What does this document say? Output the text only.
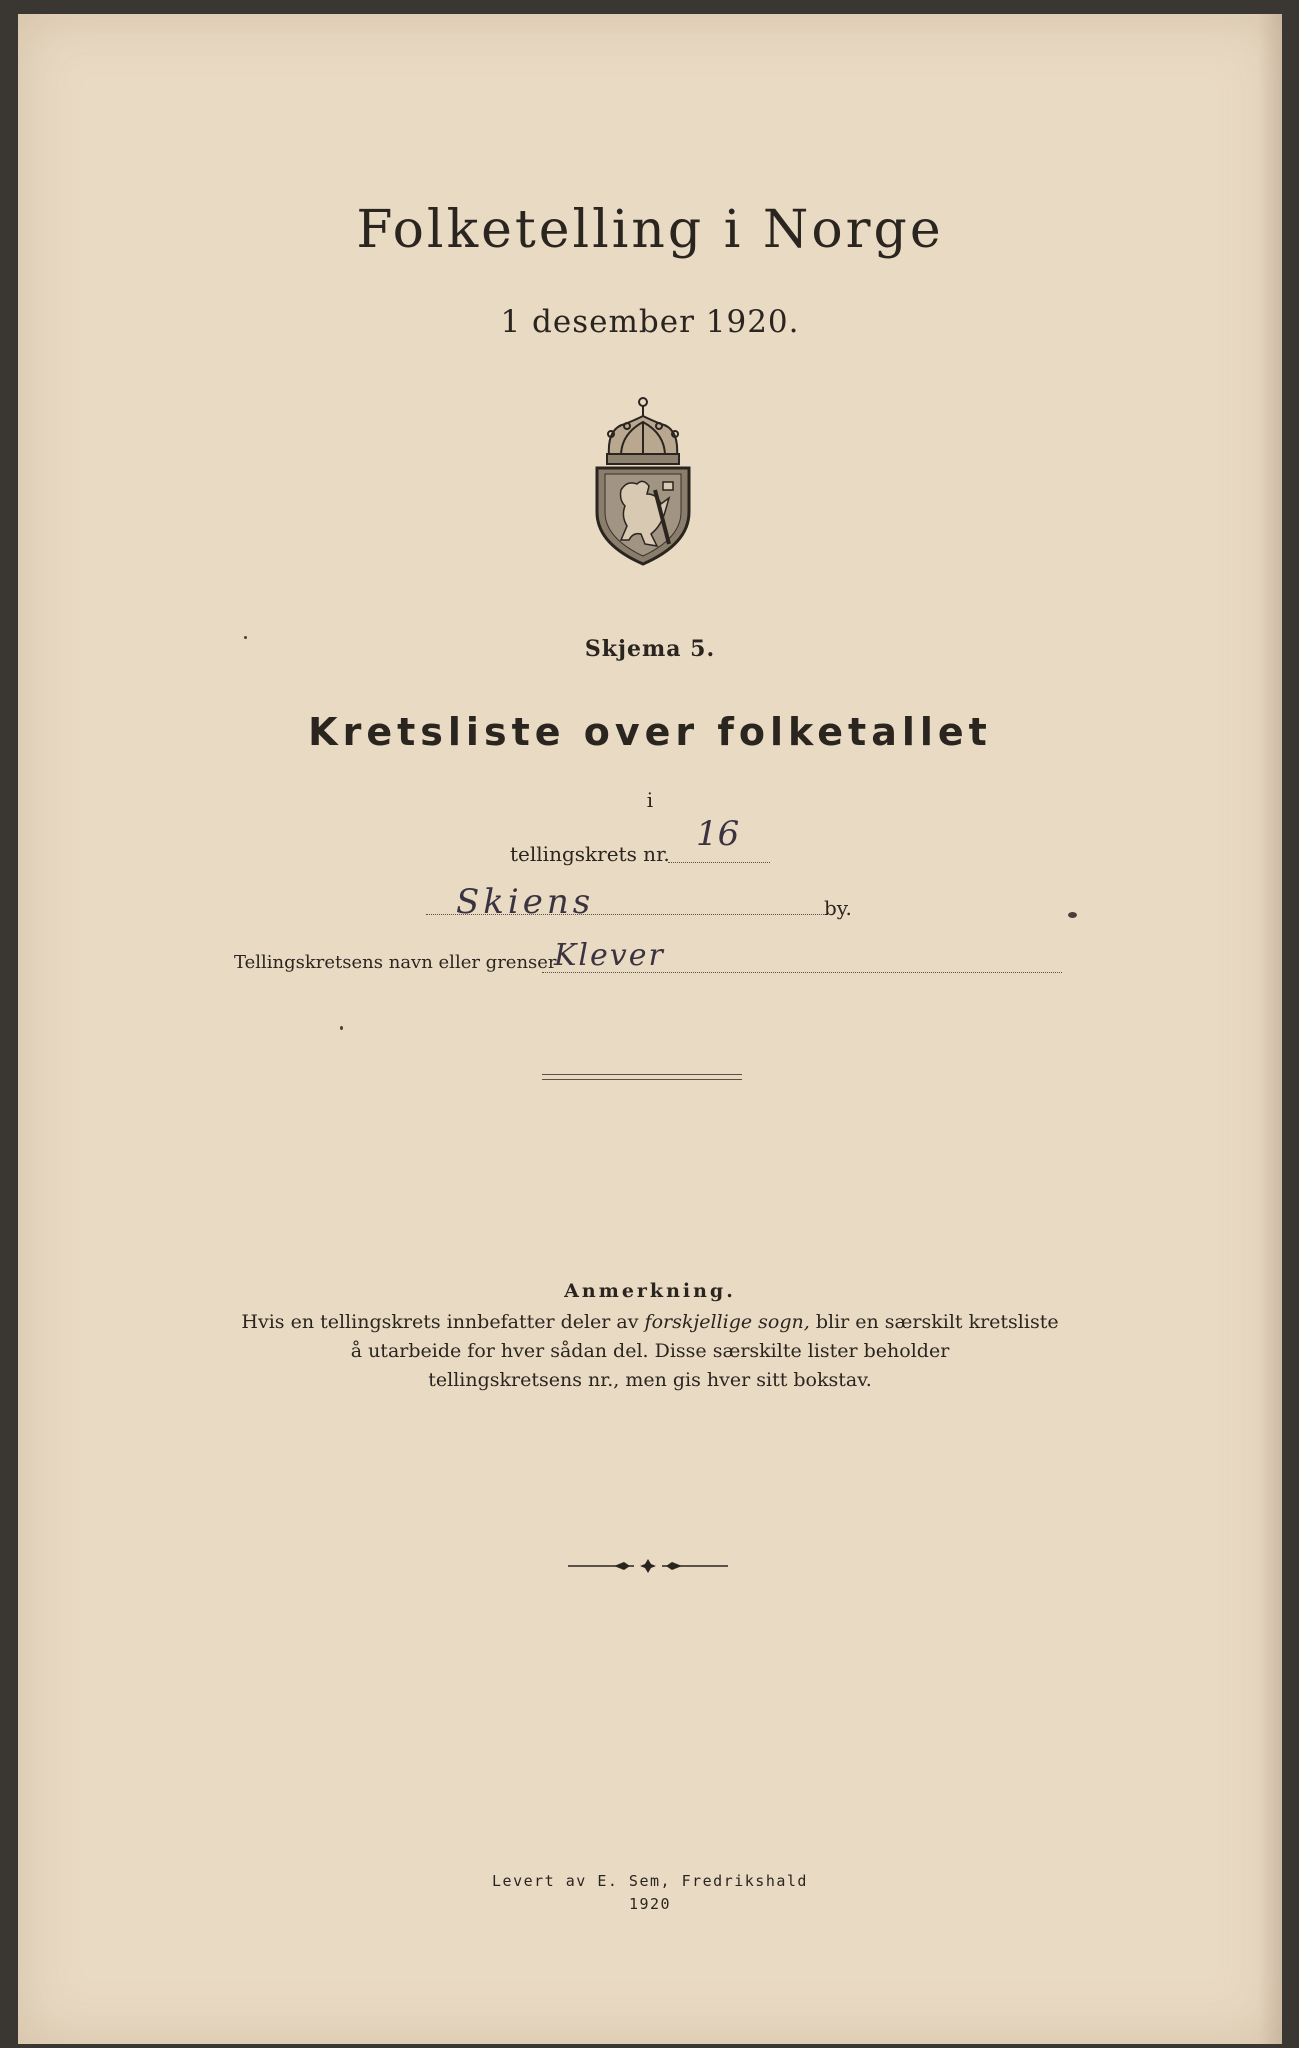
Folketelling i Norge
1 desember 1920.
Skjema 5.
Kretsliste over folketallet
i
tellingskrets nr. 16
Skiens	by.
Tellingskretsens navn eller grenser
Klever
Anmerkning.
Hvis en tellingskrets innbefatter deler av forskjellige sogn, blir en særskilt kretsliste
å utarbeide for hver sådan del. Disse særskilte lister beholder
tellingskretsens nr., men gis hver sitt bokstav.
Levert av E. Sem, Fredrikshald
1920
